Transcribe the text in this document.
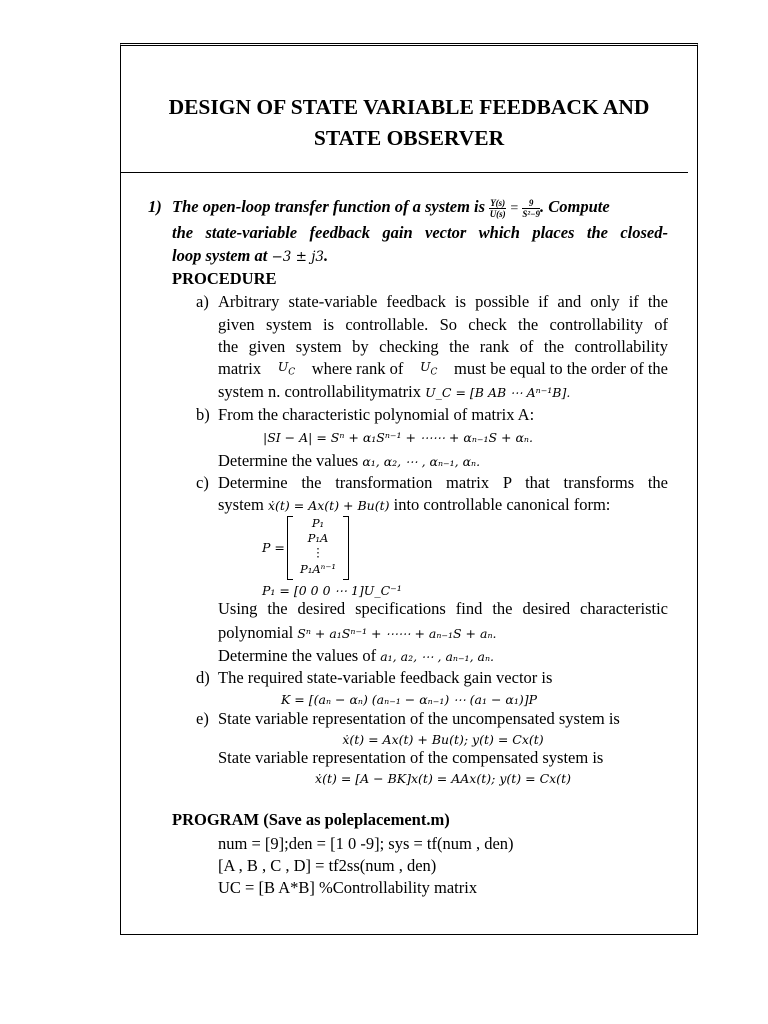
DESIGN OF STATE VARIABLE FEEDBACK AND
STATE OBSERVER
1) The open-loop transfer function of a system is $\frac{Y(s)}{U(s)} = \frac{9}{\text{S²−9}}$ . Compute
the state-variable feedback gain vector which places the closed-
loop system at −3 ± j3.
PROCEDURE
a) Arbitrary state-variable feedback is possible if and only if the
given system is controllable. So check the controllability of
the given system by checking the rank of the controllability
matrix $U_C$ where rank of $U_C$ must be equal to the order of the
system n. controllabilitymatrix U_C = [B AB ⋯ Aⁿ⁻¹B].
b) From the characteristic polynomial of matrix A:
|SI − A| = Sⁿ + α₁Sⁿ⁻¹ + ⋯⋯ + αₙ₋₁S + αₙ.
Determine the values α₁, α₂, ⋯ , αₙ₋₁, αₙ.
c) Determine the transformation matrix P that transforms the
system ẋ(t) = Ax(t) + Bu(t) into controllable canonical form:
P =
P₁
P₁A
⋮
P₁Aⁿ⁻¹
P₁ = [0 0 0 ⋯ 1]U_C⁻¹
Using the desired specifications find the desired characteristic
polynomial Sⁿ + a₁Sⁿ⁻¹ + ⋯⋯ + aₙ₋₁S + aₙ.
Determine the values of a₁, a₂, ⋯ , aₙ₋₁, aₙ.
d) The required state-variable feedback gain vector is
K = [(aₙ − αₙ) (aₙ₋₁ − αₙ₋₁) ⋯ (a₁ − α₁)]P
e) State variable representation of the uncompensated system is
ẋ(t) = Ax(t) + Bu(t); y(t) = Cx(t)
State variable representation of the compensated system is
ẋ(t) = [A − BK]x(t) = AAx(t); y(t) = Cx(t)
PROGRAM (Save as poleplacement.m)
num = [9];den = [1 0 -9]; sys = tf(num , den)
[A , B , C , D] = tf2ss(num , den)
UC = [B A*B] %Controllability matrix
